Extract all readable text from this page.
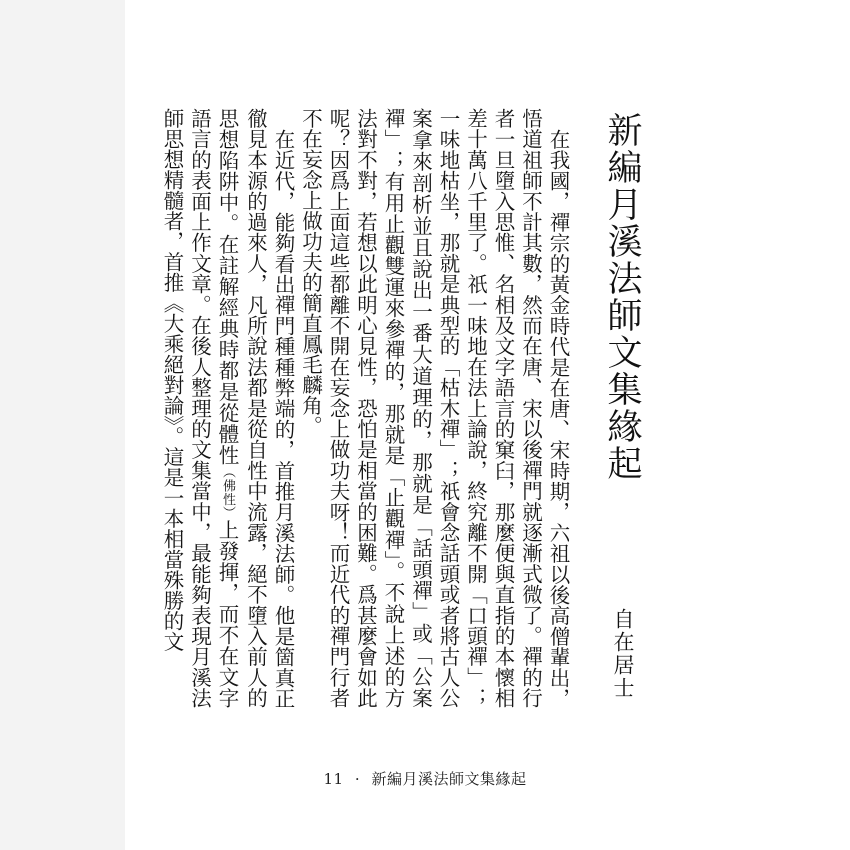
新編月溪法師文集緣起
自在居士

在我國，禪宗的黃金時代是在唐、宋時期，六祖以後高僧輩出，悟道祖師不計其數，然而在唐、宋以後禪門就逐漸式微了。禪的行者一旦墮入思惟、名相及文字語言的窠臼，那麼便與直指的本懷相差十萬八千里了。祇一味地在法上論說，終究離不開「口頭禪」；一味地枯坐，那就是典型的「枯木禪」；祇會念話頭或者將古人公案拿來剖析並且說出一番大道理的，那就是「話頭禪」或「公案禪」；有用止觀雙運來參禪的，那就是「止觀禪」。不說上述的方法對不對，若想以此明心見性，恐怕是相當的困難。爲甚麼會如此呢？因爲上面這些都離不開在妄念上做功夫呀！而近代的禪門行者不在妄念上做功夫的簡直鳳毛麟角。

在近代，能夠看出禪門種種弊端的，首推月溪法師。他是箇真正徹見本源的過來人，凡所說法都是從自性中流露，絕不墮入前人的思想陷阱中。在註解經典時都是從體性（佛性）上發揮，而不在文字語言的表面上作文章。在後人整理的文集當中，最能夠表現月溪法師思想精髓者，首推《大乘絕對論》。這是一本相當殊勝的文

11 · 新編月溪法師文集緣起
